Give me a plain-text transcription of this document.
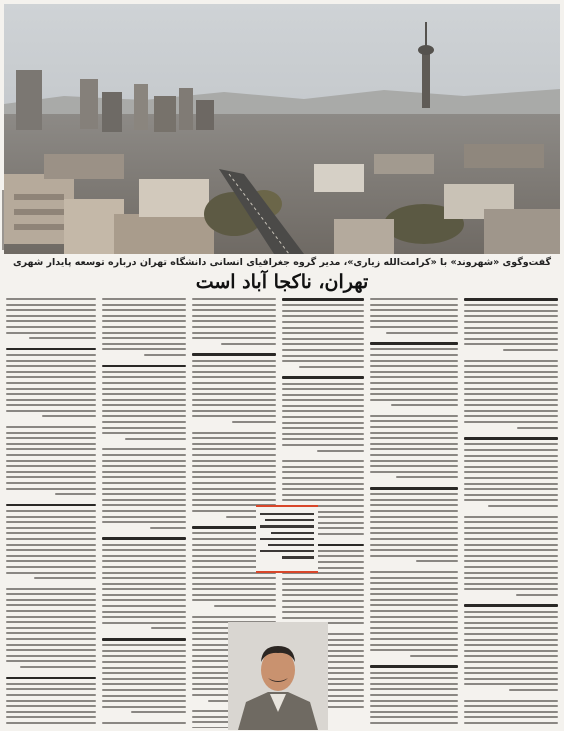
گفت‌وگوی «شهروند» با «کرامت‌الله زیاری»، مدیر گروه جغرافیای انسانی دانشگاه تهران درباره توسعه پایدار شهری
تهران، ناکجا آباد است
